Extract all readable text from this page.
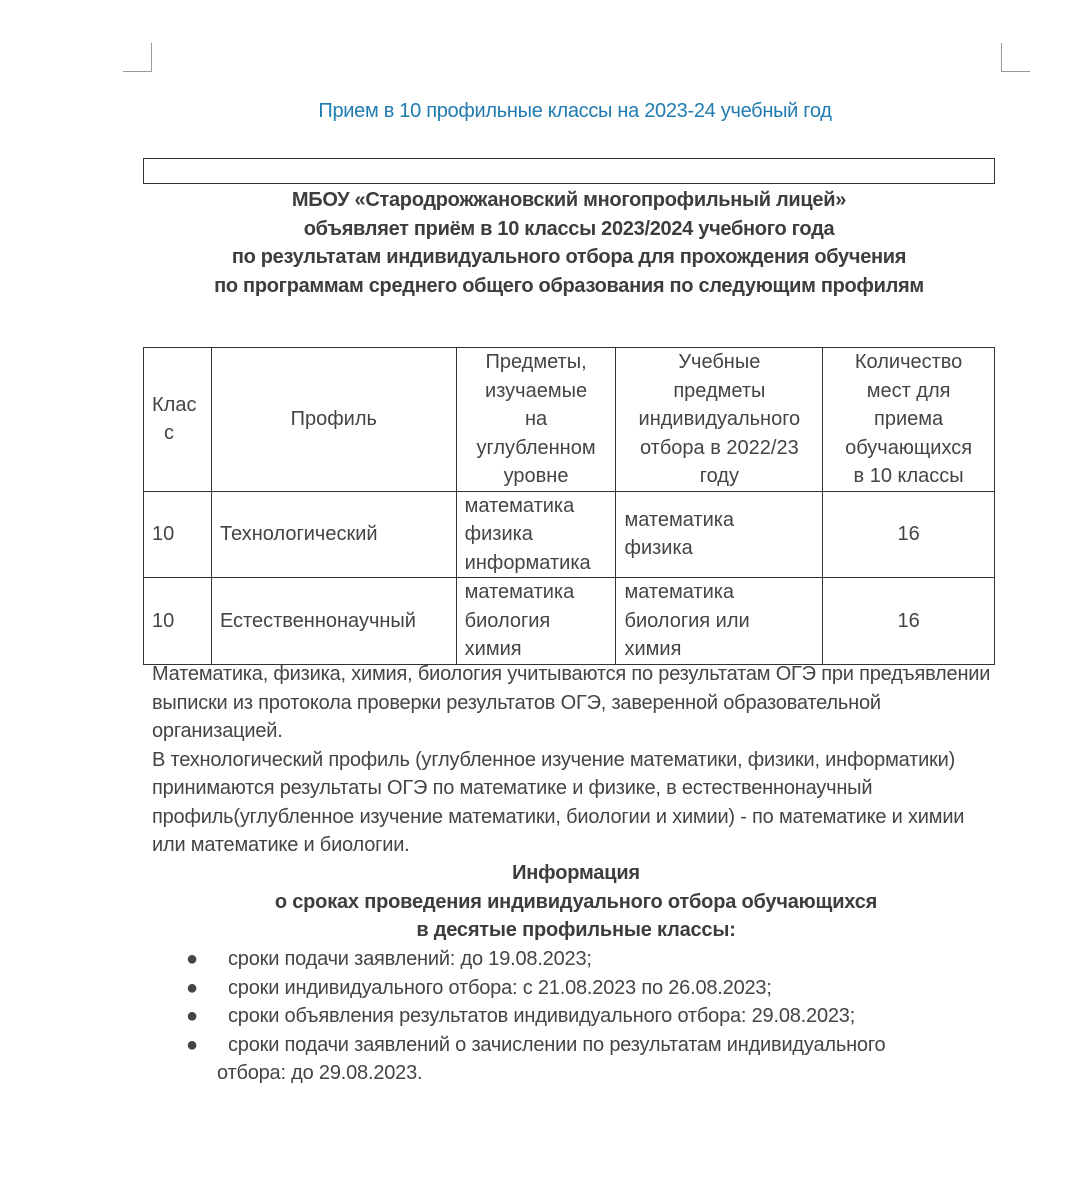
Прием в 10 профильные классы на 2023-24 учебный год
МБОУ «Стародрожжановский многопрофильный лицей»
объявляет приём в 10 классы 2023/2024 учебного года
по результатам индивидуального отбора для прохождения обучения
по программам среднего общего образования по следующим профилям
Клас
с	Профиль	Предметы,
изучаемые
на
углубленном
уровне	Учебные
предметы
индивидуального
отбора в 2022/23
году	Количество
мест для
приема
обучающихся
в 10 классы

10	Технологический	математика
физика
информатика	математика
физика	16
10	Естественнонаучный	математика
биология
химия	математика
биология или
химия	16

Математика, физика, химия, биология учитываются по результатам ОГЭ при предъявлении выписки из протокола проверки результатов ОГЭ, заверенной образовательной организацией.

В технологический профиль (углубленное изучение математики, физики, информатики) принимаются результаты ОГЭ по математике и физике, в естественнонаучный профиль(углубленное изучение математики, биологии и химии) - по математике и химии или математике и биологии.

Информация

о сроках проведения индивидуального отбора обучающихся

в десятые профильные классы:

● сроки подачи заявлений: до 19.08.2023;
● сроки индивидуального отбора: с 21.08.2023 по 26.08.2023;
● сроки объявления результатов индивидуального отбора: 29.08.2023;
● сроки подачи заявлений о зачислении по результатам индивидуального
отбора: до 29.08.2023.
